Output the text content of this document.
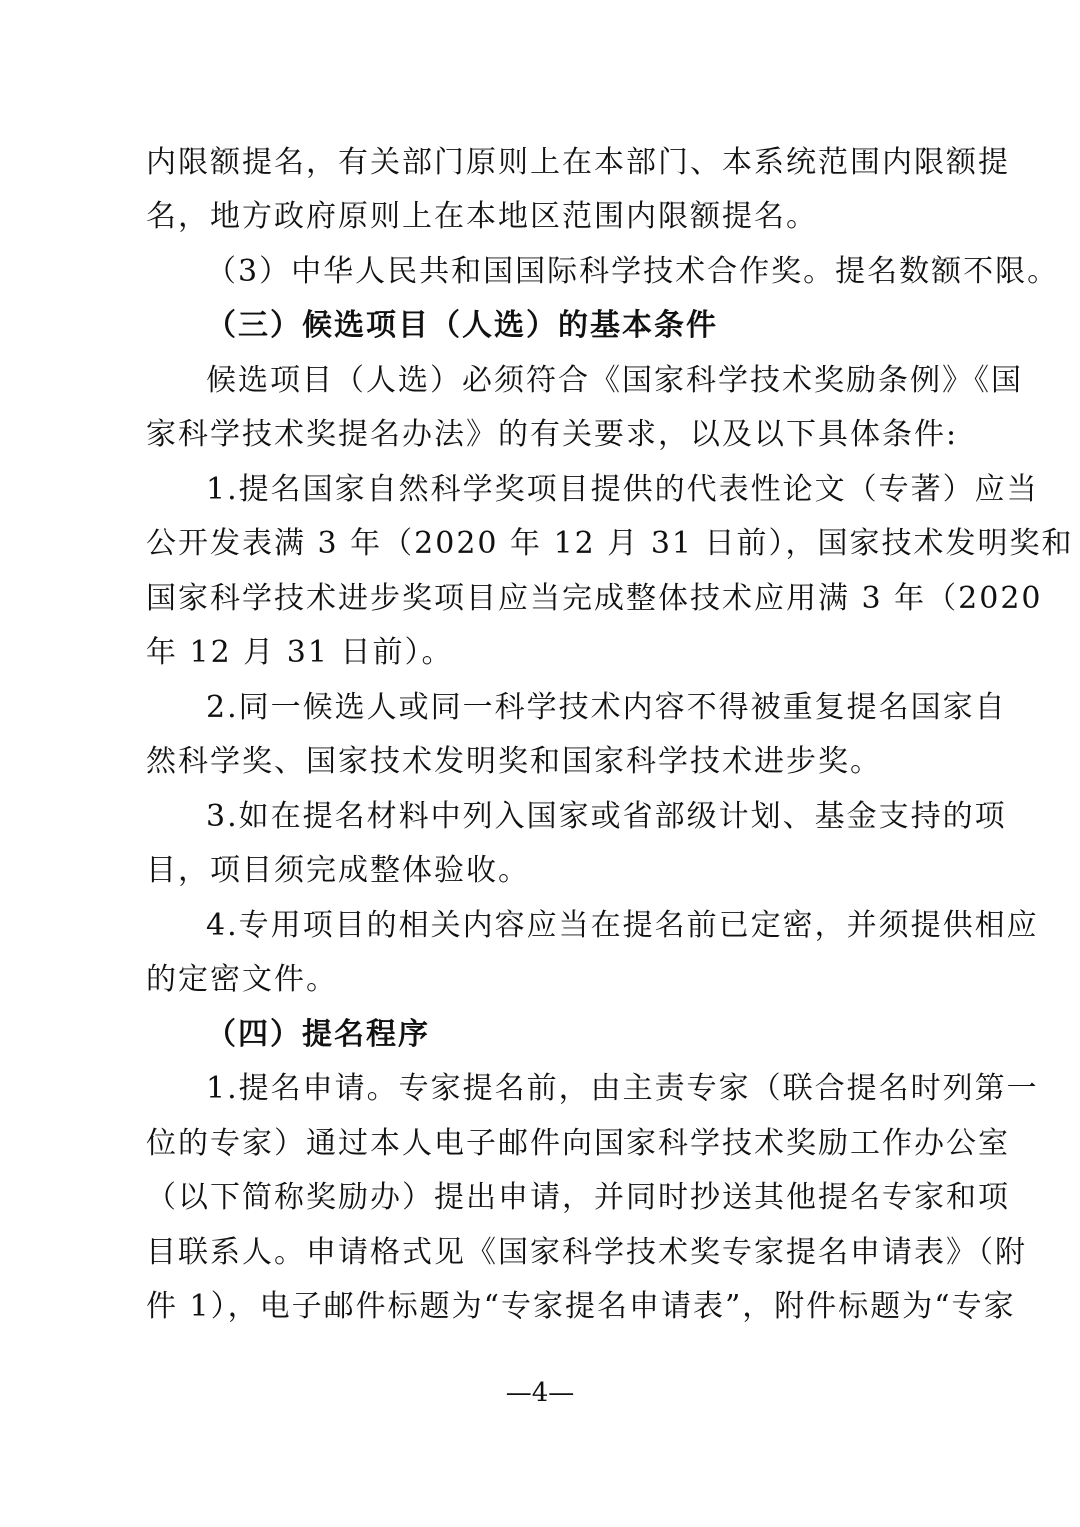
内限额提名，有关部门原则上在本部门、本系统范围内限额提
名，地方政府原则上在本地区范围内限额提名。
（3）中华人民共和国国际科学技术合作奖。提名数额不限。
（三）候选项目（人选）的基本条件
候选项目（人选）必须符合《国家科学技术奖励条例》《国
家科学技术奖提名办法》的有关要求，以及以下具体条件:
1.提名国家自然科学奖项目提供的代表性论文（专著）应当
公开发表满 3 年（2020 年 12 月 31 日前），国家技术发明奖和
国家科学技术进步奖项目应当完成整体技术应用满 3 年（2020
年 12 月 31 日前）。
2.同一候选人或同一科学技术内容不得被重复提名国家自
然科学奖、国家技术发明奖和国家科学技术进步奖。
3.如在提名材料中列入国家或省部级计划、基金支持的项
目，项目须完成整体验收。
4.专用项目的相关内容应当在提名前已定密，并须提供相应
的定密文件。
（四）提名程序
1.提名申请。专家提名前，由主责专家（联合提名时列第一
位的专家）通过本人电子邮件向国家科学技术奖励工作办公室
（以下简称奖励办）提出申请，并同时抄送其他提名专家和项
目联系人。申请格式见《国家科学技术奖专家提名申请表》（附
件 1），电子邮件标题为“专家提名申请表”，附件标题为“专家
—4—
